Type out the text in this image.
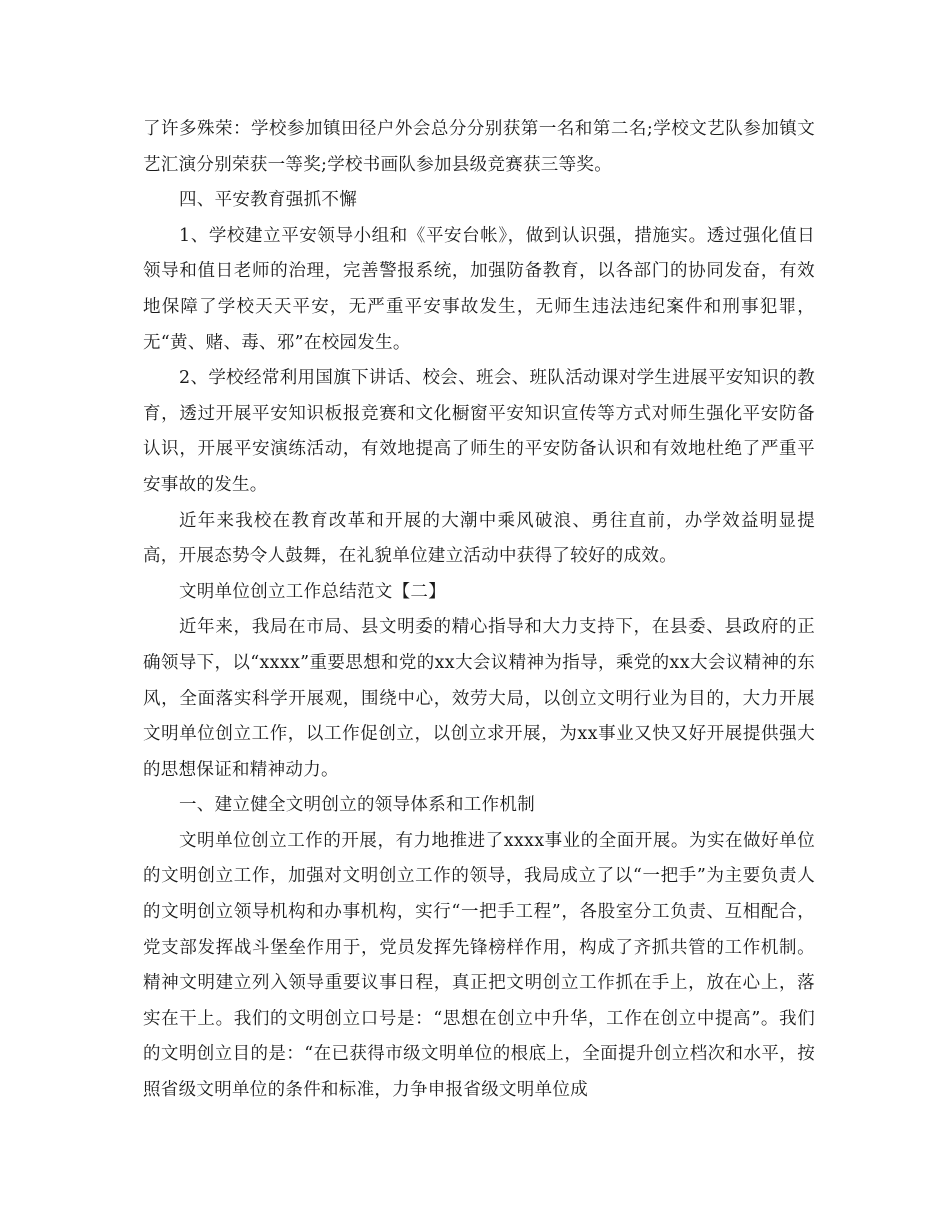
了许多殊荣：学校参加镇田径户外会总分分别获第一名和第二名;学校文艺队参加镇文艺汇演分别荣获一等奖;学校书画队参加县级竞赛获三等奖。

四、平安教育强抓不懈

1、学校建立平安领导小组和《平安台帐》，做到认识强，措施实。透过强化值日领导和值日老师的治理，完善警报系统，加强防备教育，以各部门的协同发奋，有效地保障了学校天天平安，无严重平安事故发生，无师生违法违纪案件和刑事犯罪，无“黄、赌、毒、邪”在校园发生。

2、学校经常利用国旗下讲话、校会、班会、班队活动课对学生进展平安知识的教育，透过开展平安知识板报竞赛和文化橱窗平安知识宣传等方式对师生强化平安防备认识，开展平安演练活动，有效地提高了师生的平安防备认识和有效地杜绝了严重平安事故的发生。

近年来我校在教育改革和开展的大潮中乘风破浪、勇往直前，办学效益明显提高，开展态势令人鼓舞，在礼貌单位建立活动中获得了较好的成效。

文明单位创立工作总结范文【二】

近年来，我局在市局、县文明委的精心指导和大力支持下，在县委、县政府的正确领导下，以“xxxx”重要思想和党的xx大会议精神为指导，乘党的xx大会议精神的东风，全面落实科学开展观，围绕中心，效劳大局，以创立文明行业为目的，大力开展文明单位创立工作，以工作促创立，以创立求开展，为xx事业又快又好开展提供强大的思想保证和精神动力。

一、建立健全文明创立的领导体系和工作机制

文明单位创立工作的开展，有力地推进了xxxx事业的全面开展。为实在做好单位的文明创立工作，加强对文明创立工作的领导，我局成立了以“一把手”为主要负责人的文明创立领导机构和办事机构，实行“一把手工程”，各股室分工负责、互相配合，党支部发挥战斗堡垒作用于，党员发挥先锋榜样作用，构成了齐抓共管的工作机制。精神文明建立列入领导重要议事日程，真正把文明创立工作抓在手上，放在心上，落实在干上。我们的文明创立口号是：“思想在创立中升华，工作在创立中提高”。我们的文明创立目的是：“在已获得市级文明单位的根底上，全面提升创立档次和水平，按照省级文明单位的条件和标准，力争申报省级文明单位成
